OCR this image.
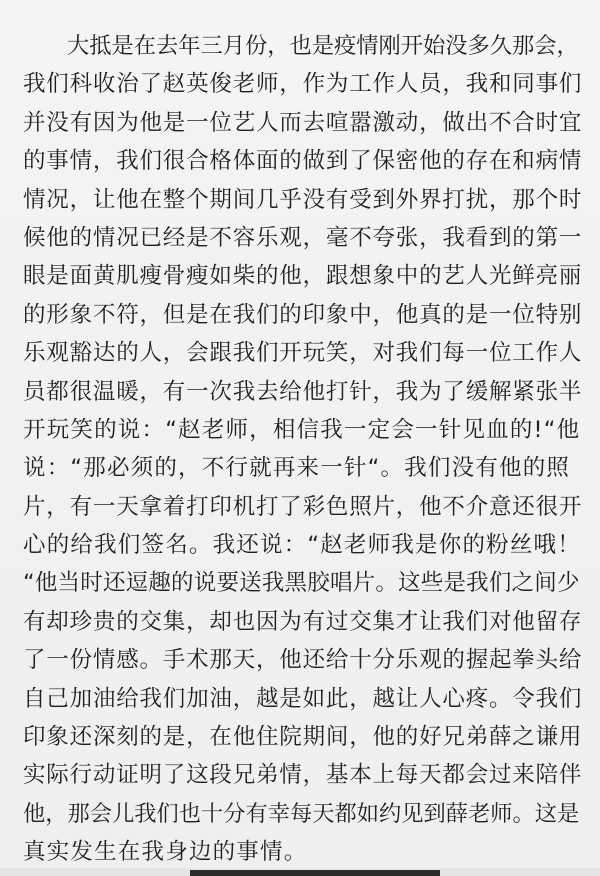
大抵是在去年三月份，也是疫情刚开始没多久那会，
我们科收治了赵英俊老师，作为工作人员，我和同事们
并没有因为他是一位艺人而去喧嚣激动，做出不合时宜
的事情，我们很合格体面的做到了保密他的存在和病情
情况，让他在整个期间几乎没有受到外界打扰，那个时
候他的情况已经是不容乐观，毫不夸张，我看到的第一
眼是面黄肌瘦骨瘦如柴的他，跟想象中的艺人光鲜亮丽
的形象不符，但是在我们的印象中，他真的是一位特别
乐观豁达的人，会跟我们开玩笑，对我们每一位工作人
员都很温暖，有一次我去给他打针，我为了缓解紧张半
开玩笑的说：“赵老师，相信我一定会一针见血的!“他
说：“那必须的，不行就再来一针“。我们没有他的照
片，有一天拿着打印机打了彩色照片，他不介意还很开
心的给我们签名。我还说：“赵老师我是你的粉丝哦！
“他当时还逗趣的说要送我黑胶唱片。这些是我们之间少
有却珍贵的交集，却也因为有过交集才让我们对他留存
了一份情感。手术那天，他还给十分乐观的握起拳头给
自己加油给我们加油，越是如此，越让人心疼。令我们
印象还深刻的是，在他住院期间，他的好兄弟薛之谦用
实际行动证明了这段兄弟情，基本上每天都会过来陪伴
他，那会儿我们也十分有幸每天都如约见到薛老师。这是
真实发生在我身边的事情。
